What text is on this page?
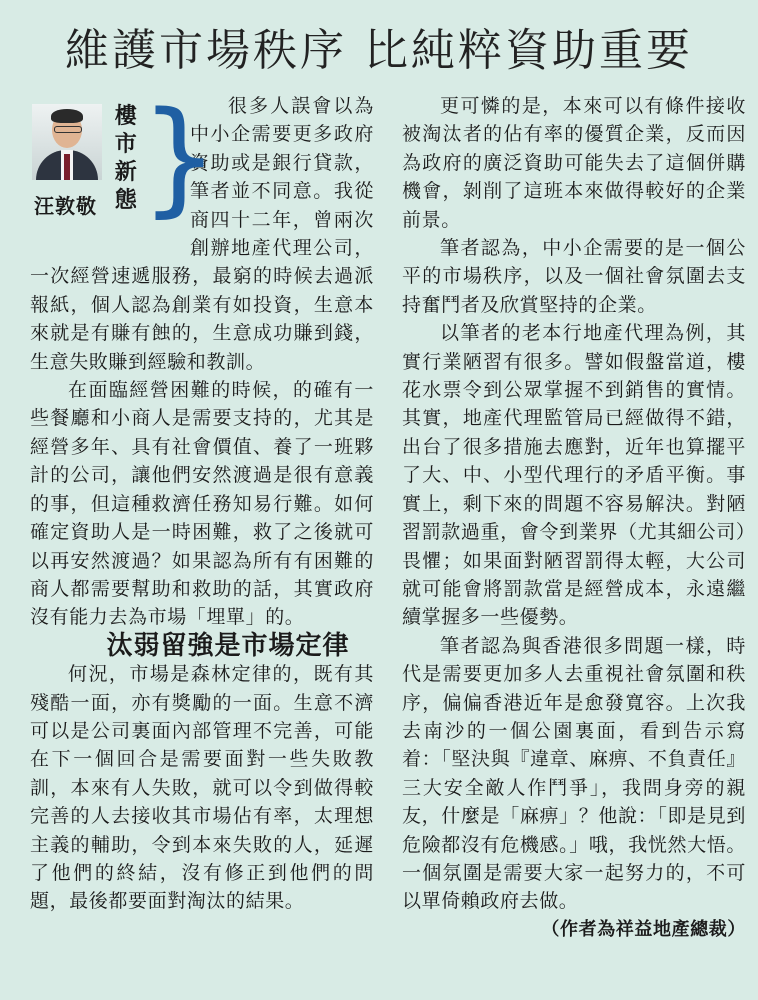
維護市場秩序 比純粹資助重要
汪敦敬
樓
市
新
態 } 很多人誤會以為中小企需要更多政府資助或是銀行貸款，筆者並不同意。我從商四十二年，曾兩次創辦地產代理公司，一次經營速遞服務，最窮的時候去過派報紙，個人認為創業有如投資，生意本來就是有賺有蝕的，生意成功賺到錢，生意失敗賺到經驗和教訓。

在面臨經營困難的時候，的確有一些餐廳和小商人是需要支持的，尤其是經營多年、具有社會價值、養了一班夥計的公司，讓他們安然渡過是很有意義的事，但這種救濟任務知易行難。如何確定資助人是一時困難，救了之後就可以再安然渡過？如果認為所有有困難的商人都需要幫助和救助的話，其實政府沒有能力去為市場「埋單」的。

汰弱留強是市場定律

何況，市場是森林定律的，既有其殘酷一面，亦有獎勵的一面。生意不濟可以是公司裏面內部管理不完善，可能在下一個回合是需要面對一些失敗教訓，本來有人失敗，就可以令到做得較完善的人去接收其市場佔有率，太理想主義的輔助，令到本來失敗的人，延遲了他們的終結，沒有修正到他們的問題，最後都要面對淘汰的結果。

更可憐的是，本來可以有條件接收被淘汰者的佔有率的優質企業，反而因為政府的廣泛資助可能失去了這個併購機會，剝削了這班本來做得較好的企業前景。

筆者認為，中小企需要的是一個公平的市場秩序，以及一個社會氛圍去支持奮鬥者及欣賞堅持的企業。

以筆者的老本行地產代理為例，其實行業陋習有很多。譬如假盤當道，樓花水票令到公眾掌握不到銷售的實情。其實，地產代理監管局已經做得不錯，出台了很多措施去應對，近年也算擺平了大、中、小型代理行的矛盾平衡。事實上，剩下來的問題不容易解決。對陋習罰款過重，會令到業界（尤其細公司）畏懼；如果面對陋習罰得太輕，大公司就可能會將罰款當是經營成本，永遠繼續掌握多一些優勢。

筆者認為與香港很多問題一樣，時代是需要更加多人去重視社會氛圍和秩序，偏偏香港近年是愈發寬容。上次我去南沙的一個公園裏面，看到告示寫着：「堅決與『違章、麻痹、不負責任』三大安全敵人作鬥爭」，我問身旁的親友，什麼是「麻痹」？他說：「即是見到危險都沒有危機感。」哦，我恍然大悟。一個氛圍是需要大家一起努力的，不可以單倚賴政府去做。

（作者為祥益地產總裁）
